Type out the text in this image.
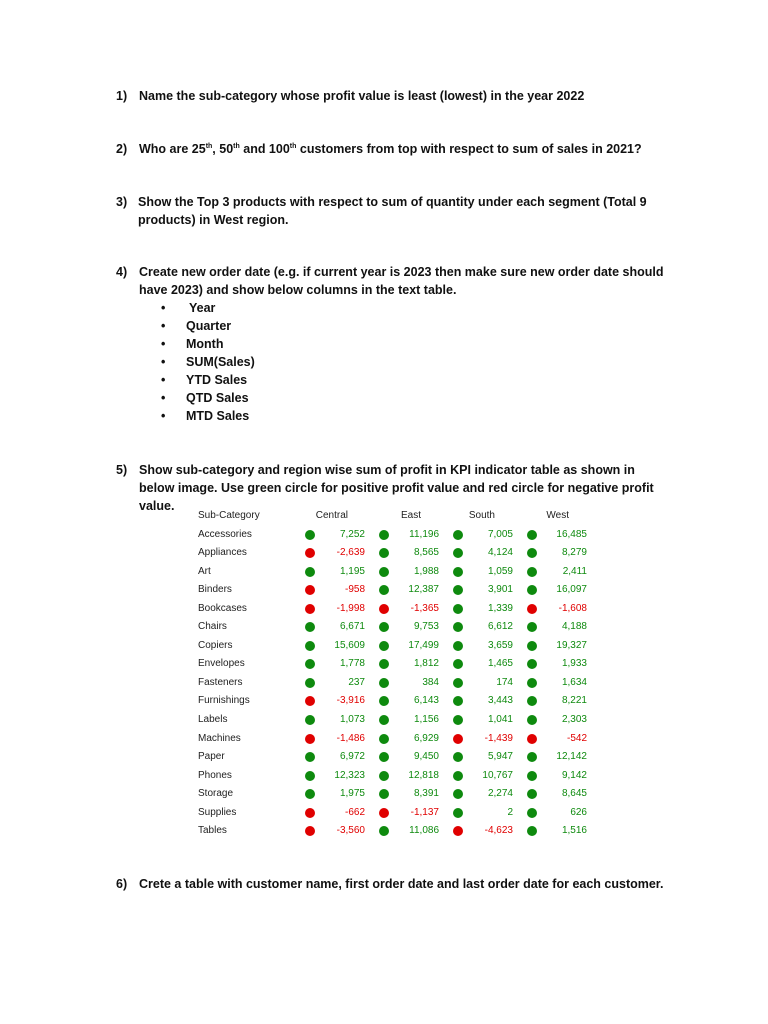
1) Name the sub-category whose profit value is least (lowest) in the year 2022
2) Who are 25th, 50th and 100th customers from top with respect to sum of sales in 2021?
3) Show the Top 3 products with respect to sum of quantity under each segment (Total 9 products) in West region.
4) Create new order date (e.g. if current year is 2023 then make sure new order date should have 2023) and show below columns in the text table.
• Year
• Quarter
• Month
• SUM(Sales)
• YTD Sales
• QTD Sales
• MTD Sales
5) Show sub-category and region wise sum of profit in KPI indicator table as shown in below image. Use green circle for positive profit value and red circle for negative profit value.
Sub-Category	Central	East	South	West
Accessories	7,252	11,196	7,005	16,485
Appliances	-2,639	8,565	4,124	8,279
Art	1,195	1,988	1,059	2,411
Binders	-958	12,387	3,901	16,097
Bookcases	-1,998	-1,365	1,339	-1,608
Chairs	6,671	9,753	6,612	4,188
Copiers	15,609	17,499	3,659	19,327
Envelopes	1,778	1,812	1,465	1,933
Fasteners	237	384	174	1,634
Furnishings	-3,916	6,143	3,443	8,221
Labels	1,073	1,156	1,041	2,303
Machines	-1,486	6,929	-1,439	-542
Paper	6,972	9,450	5,947	12,142
Phones	12,323	12,818	10,767	9,142
Storage	1,975	8,391	2,274	8,645
Supplies	-662	-1,137	2	626
Tables	-3,560	11,086	-4,623	1,516
6) Crete a table with customer name, first order date and last order date for each customer.
